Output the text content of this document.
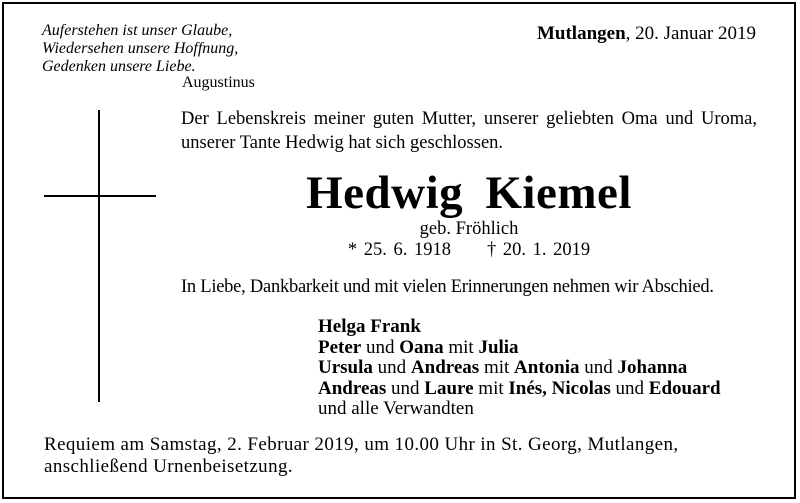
Auferstehen ist unser Glaube,
Wiedersehen unsere Hoffnung,
Gedenken unsere Liebe.
Augustinus
Mutlangen, 20. Januar 2019
Der Lebenskreis meiner guten Mutter, unserer geliebten Oma und Uroma, unserer Tante Hedwig hat sich geschlossen.
Hedwig Kiemel
geb. Fröhlich
* 25. 6. 1918 † 20. 1. 2019
In Liebe, Dankbarkeit und mit vielen Erinnerungen nehmen wir Abschied.
Helga Frank
Peter und Oana mit Julia
Ursula und Andreas mit Antonia und Johanna
Andreas und Laure mit Inés, Nicolas und Edouard
und alle Verwandten
Requiem am Samstag, 2. Februar 2019, um 10.00 Uhr in St. Georg, Mutlangen, anschließend Urnenbeisetzung.
